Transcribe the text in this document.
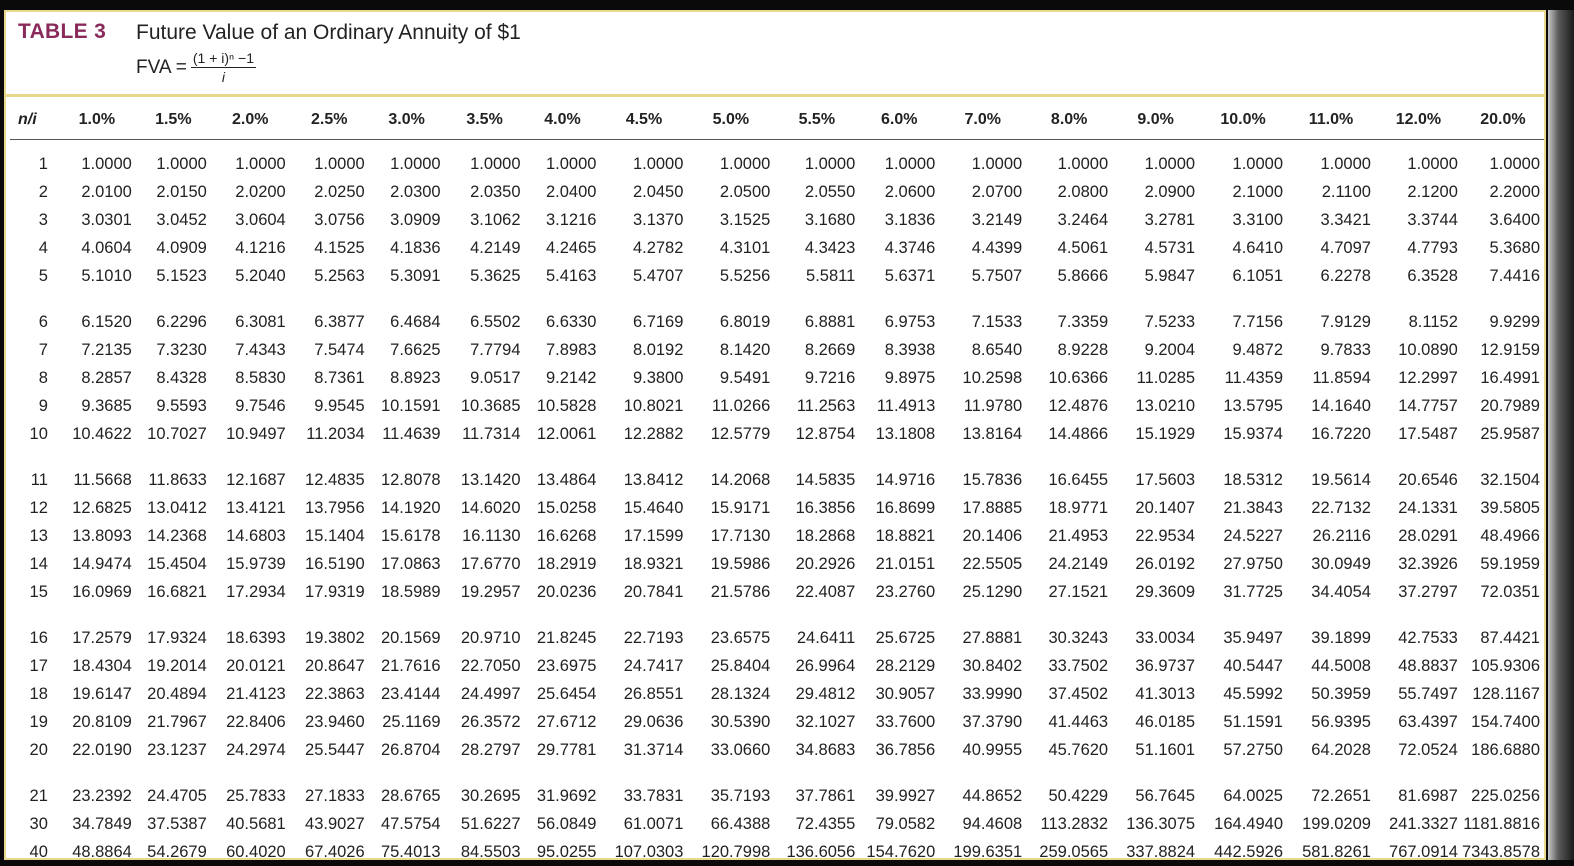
TABLE 3 Future Value of an Ordinary Annuity of $1
FVA = $\frac{\text{(1 + i)ⁿ −1}}{i}$
n/i	1.0%	1.5%	2.0%	2.5%	3.0%	3.5%	4.0%	4.5%	5.0%	5.5%	6.0%	7.0%	8.0%	9.0%	10.0%	11.0%	12.0%	20.0%
1	1.0000	1.0000	1.0000	1.0000	1.0000	1.0000	1.0000	1.0000	1.0000	1.0000	1.0000	1.0000	1.0000	1.0000	1.0000	1.0000	1.0000	1.0000
2	2.0100	2.0150	2.0200	2.0250	2.0300	2.0350	2.0400	2.0450	2.0500	2.0550	2.0600	2.0700	2.0800	2.0900	2.1000	2.1100	2.1200	2.2000
3	3.0301	3.0452	3.0604	3.0756	3.0909	3.1062	3.1216	3.1370	3.1525	3.1680	3.1836	3.2149	3.2464	3.2781	3.3100	3.3421	3.3744	3.6400
4	4.0604	4.0909	4.1216	4.1525	4.1836	4.2149	4.2465	4.2782	4.3101	4.3423	4.3746	4.4399	4.5061	4.5731	4.6410	4.7097	4.7793	5.3680
5	5.1010	5.1523	5.2040	5.2563	5.3091	5.3625	5.4163	5.4707	5.5256	5.5811	5.6371	5.7507	5.8666	5.9847	6.1051	6.2278	6.3528	7.4416
6	6.1520	6.2296	6.3081	6.3877	6.4684	6.5502	6.6330	6.7169	6.8019	6.8881	6.9753	7.1533	7.3359	7.5233	7.7156	7.9129	8.1152	9.9299
7	7.2135	7.3230	7.4343	7.5474	7.6625	7.7794	7.8983	8.0192	8.1420	8.2669	8.3938	8.6540	8.9228	9.2004	9.4872	9.7833	10.0890	12.9159
8	8.2857	8.4328	8.5830	8.7361	8.8923	9.0517	9.2142	9.3800	9.5491	9.7216	9.8975	10.2598	10.6366	11.0285	11.4359	11.8594	12.2997	16.4991
9	9.3685	9.5593	9.7546	9.9545	10.1591	10.3685	10.5828	10.8021	11.0266	11.2563	11.4913	11.9780	12.4876	13.0210	13.5795	14.1640	14.7757	20.7989
10	10.4622	10.7027	10.9497	11.2034	11.4639	11.7314	12.0061	12.2882	12.5779	12.8754	13.1808	13.8164	14.4866	15.1929	15.9374	16.7220	17.5487	25.9587
11	11.5668	11.8633	12.1687	12.4835	12.8078	13.1420	13.4864	13.8412	14.2068	14.5835	14.9716	15.7836	16.6455	17.5603	18.5312	19.5614	20.6546	32.1504
12	12.6825	13.0412	13.4121	13.7956	14.1920	14.6020	15.0258	15.4640	15.9171	16.3856	16.8699	17.8885	18.9771	20.1407	21.3843	22.7132	24.1331	39.5805
13	13.8093	14.2368	14.6803	15.1404	15.6178	16.1130	16.6268	17.1599	17.7130	18.2868	18.8821	20.1406	21.4953	22.9534	24.5227	26.2116	28.0291	48.4966
14	14.9474	15.4504	15.9739	16.5190	17.0863	17.6770	18.2919	18.9321	19.5986	20.2926	21.0151	22.5505	24.2149	26.0192	27.9750	30.0949	32.3926	59.1959
15	16.0969	16.6821	17.2934	17.9319	18.5989	19.2957	20.0236	20.7841	21.5786	22.4087	23.2760	25.1290	27.1521	29.3609	31.7725	34.4054	37.2797	72.0351
16	17.2579	17.9324	18.6393	19.3802	20.1569	20.9710	21.8245	22.7193	23.6575	24.6411	25.6725	27.8881	30.3243	33.0034	35.9497	39.1899	42.7533	87.4421
17	18.4304	19.2014	20.0121	20.8647	21.7616	22.7050	23.6975	24.7417	25.8404	26.9964	28.2129	30.8402	33.7502	36.9737	40.5447	44.5008	48.8837	105.9306
18	19.6147	20.4894	21.4123	22.3863	23.4144	24.4997	25.6454	26.8551	28.1324	29.4812	30.9057	33.9990	37.4502	41.3013	45.5992	50.3959	55.7497	128.1167
19	20.8109	21.7967	22.8406	23.9460	25.1169	26.3572	27.6712	29.0636	30.5390	32.1027	33.7600	37.3790	41.4463	46.0185	51.1591	56.9395	63.4397	154.7400
20	22.0190	23.1237	24.2974	25.5447	26.8704	28.2797	29.7781	31.3714	33.0660	34.8683	36.7856	40.9955	45.7620	51.1601	57.2750	64.2028	72.0524	186.6880
21	23.2392	24.4705	25.7833	27.1833	28.6765	30.2695	31.9692	33.7831	35.7193	37.7861	39.9927	44.8652	50.4229	56.7645	64.0025	72.2651	81.6987	225.0256
30	34.7849	37.5387	40.5681	43.9027	47.5754	51.6227	56.0849	61.0071	66.4388	72.4355	79.0582	94.4608	113.2832	136.3075	164.4940	199.0209	241.3327	1181.8816
40	48.8864	54.2679	60.4020	67.4026	75.4013	84.5503	95.0255	107.0303	120.7998	136.6056	154.7620	199.6351	259.0565	337.8824	442.5926	581.8261	767.0914	7343.8578
